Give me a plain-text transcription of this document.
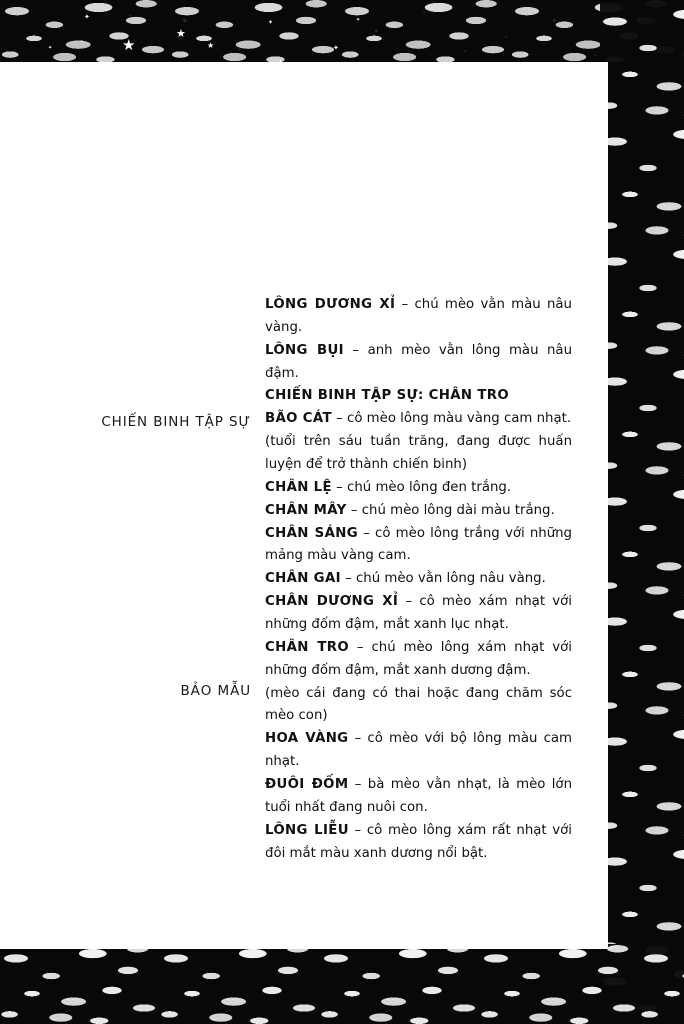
★
★
★
✦
✦
✦
✦
✦
CHIẾN BINH TẬP SỰ

LÔNG DƯƠNG XỈ – chú mèo vằn màu nâu vàng.

LÔNG BỤI – anh mèo vằn lông màu nâu đậm.

CHIẾN BINH TẬP SỰ: CHÂN TRO

BÃO CÁT – cô mèo lông màu vàng cam nhạt.

(tuổi trên sáu tuần trăng, đang được huấn luyện để trở thành chiến binh)

CHÂN LỆ – chú mèo lông đen trắng.

CHÂN MÂY – chú mèo lông dài màu trắng.

CHÂN SÁNG – cô mèo lông trắng với những mảng màu vàng cam.

CHÂN GAI – chú mèo vằn lông nâu vàng.

CHÂN DƯƠNG XỈ – cô mèo xám nhạt với những đốm đậm, mắt xanh lục nhạt.

CHÂN TRO – chú mèo lông xám nhạt với những đốm đậm, mắt xanh dương đậm.

BẢO MẪU	(mèo cái đang có thai hoặc đang chăm sóc mèo con)

HOA VÀNG – cô mèo với bộ lông màu cam nhạt.

ĐUÔI ĐỐM – bà mèo vằn nhạt, là mèo lớn tuổi nhất đang nuôi con.

LÔNG LIỄU – cô mèo lông xám rất nhạt với đôi mắt màu xanh dương nổi bật.
